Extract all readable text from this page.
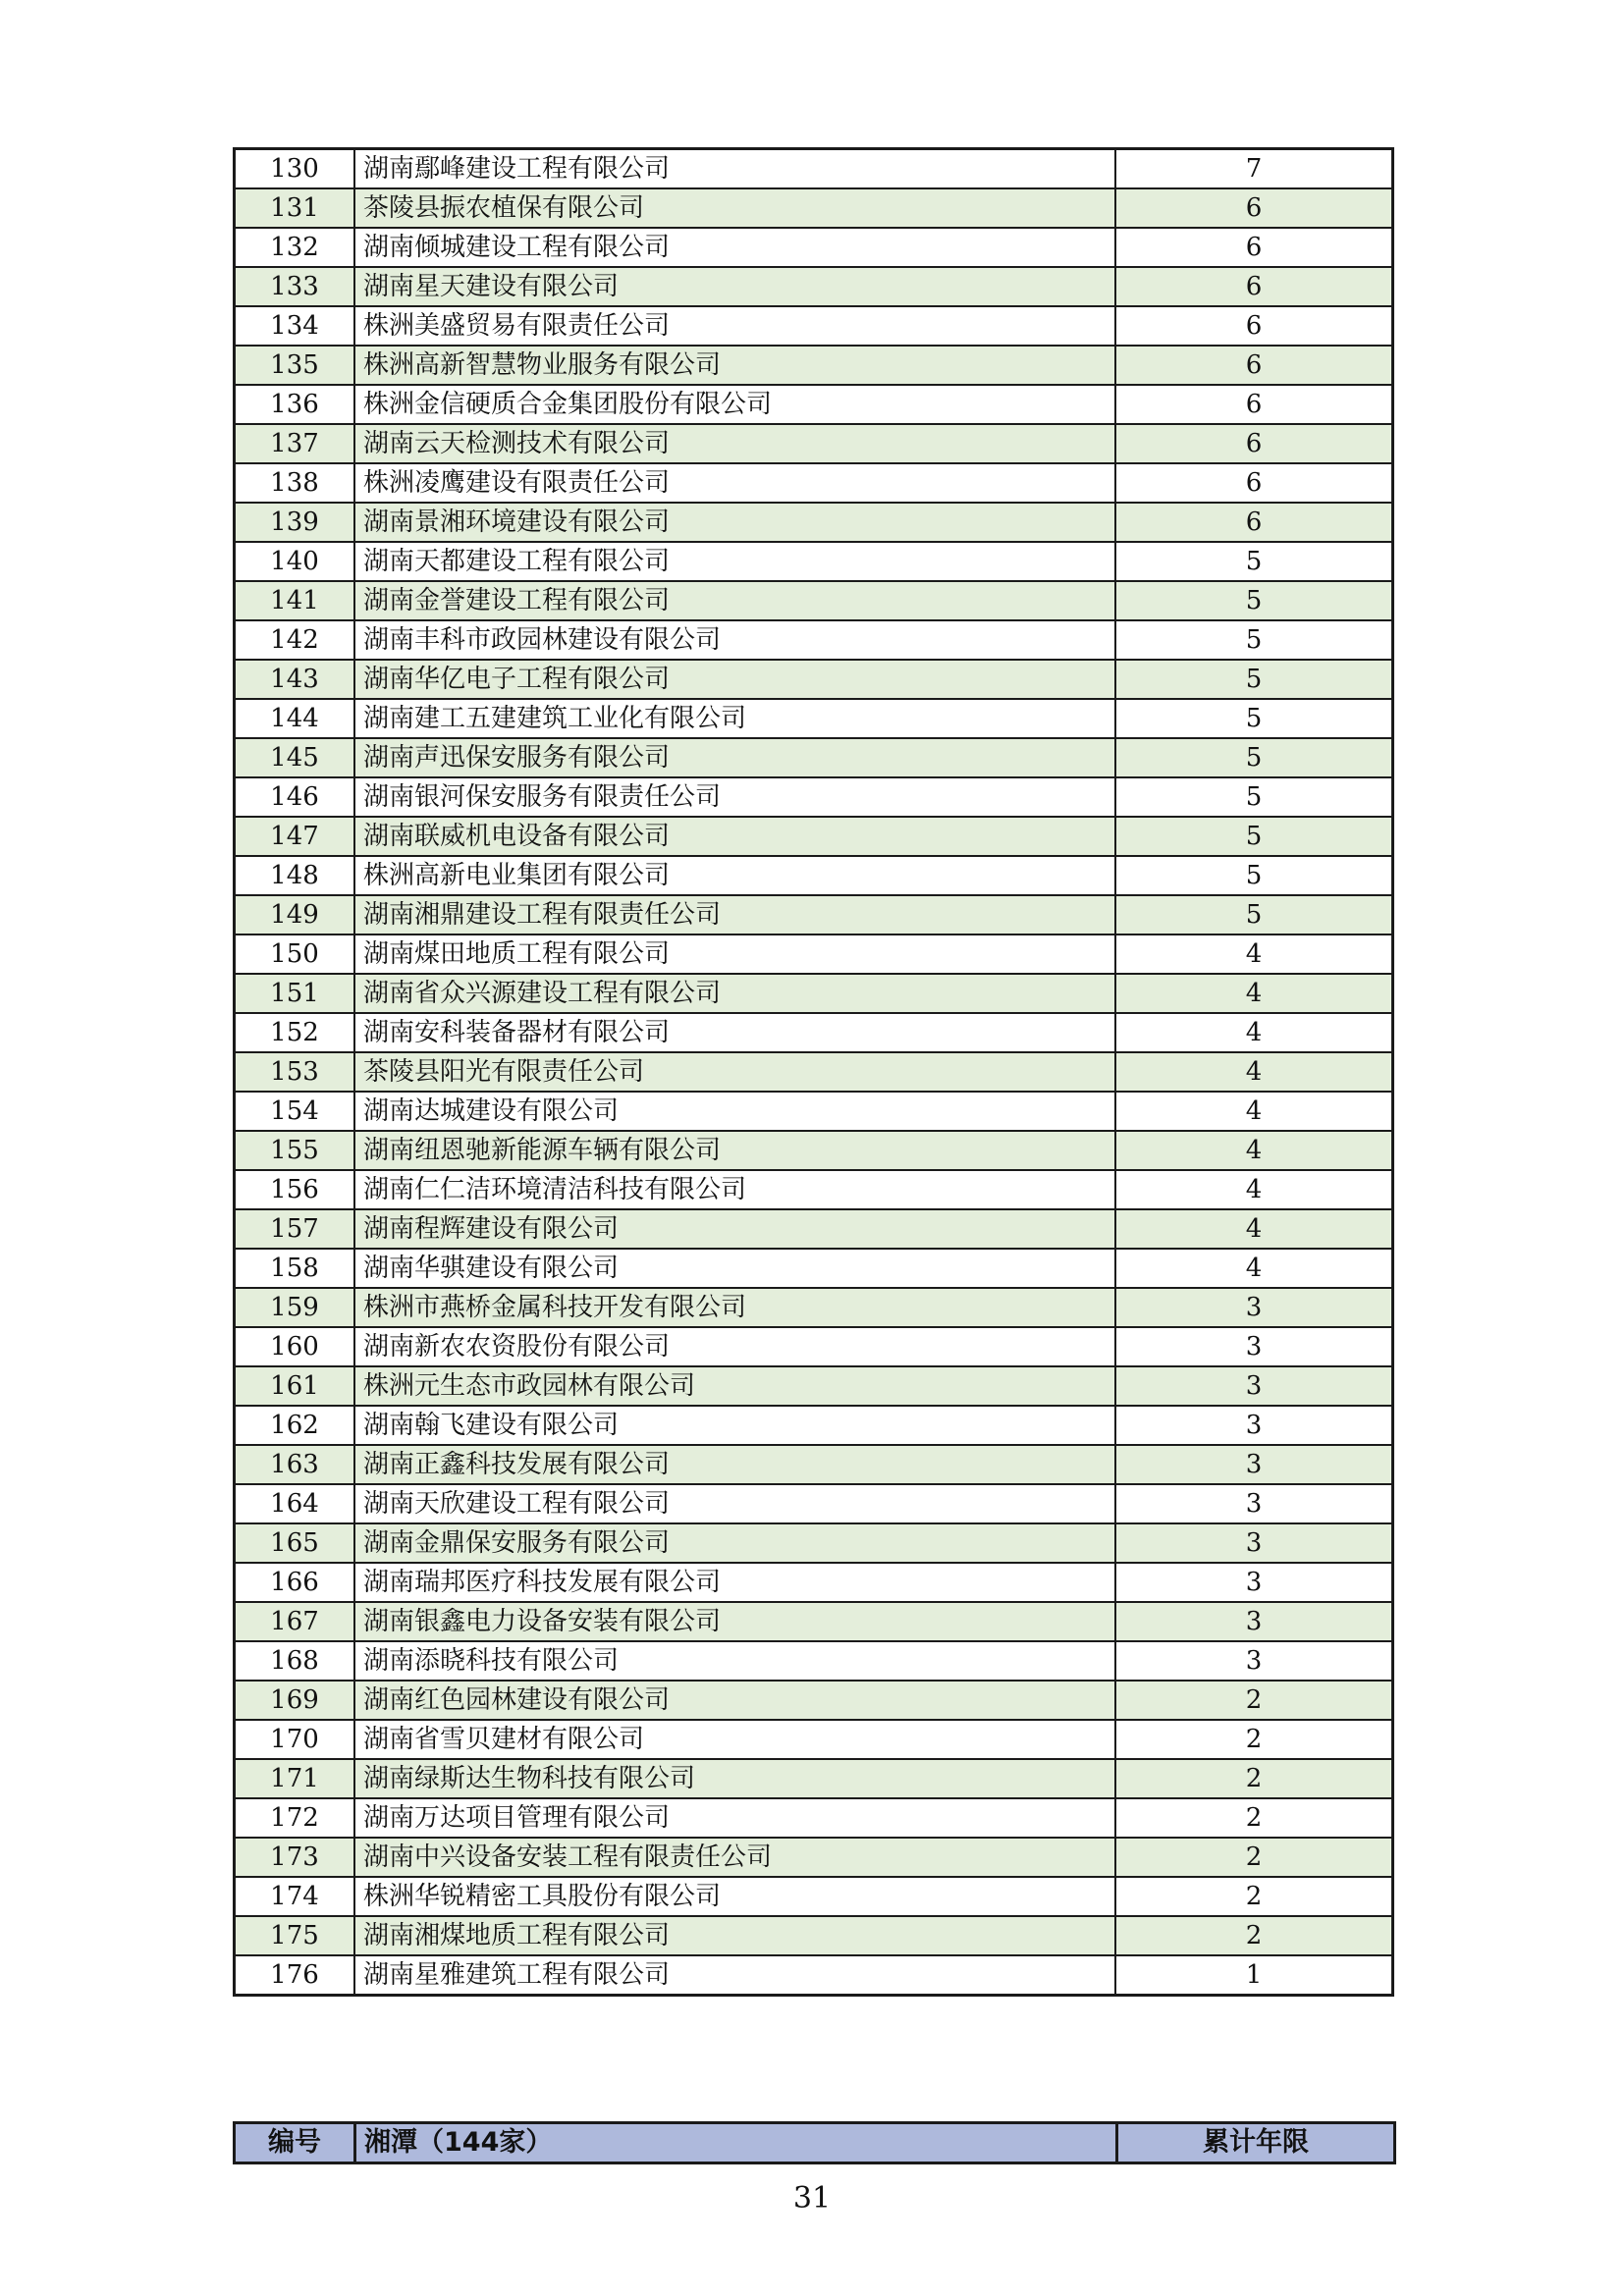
130	湖南鄢峰建设工程有限公司	7
131	茶陵县振农植保有限公司	6
132	湖南倾城建设工程有限公司	6
133	湖南星天建设有限公司	6
134	株洲美盛贸易有限责任公司	6
135	株洲高新智慧物业服务有限公司	6
136	株洲金信硬质合金集团股份有限公司	6
137	湖南云天检测技术有限公司	6
138	株洲凌鹰建设有限责任公司	6
139	湖南景湘环境建设有限公司	6
140	湖南天都建设工程有限公司	5
141	湖南金誉建设工程有限公司	5
142	湖南丰科市政园林建设有限公司	5
143	湖南华亿电子工程有限公司	5
144	湖南建工五建建筑工业化有限公司	5
145	湖南声迅保安服务有限公司	5
146	湖南银河保安服务有限责任公司	5
147	湖南联威机电设备有限公司	5
148	株洲高新电业集团有限公司	5
149	湖南湘鼎建设工程有限责任公司	5
150	湖南煤田地质工程有限公司	4
151	湖南省众兴源建设工程有限公司	4
152	湖南安科装备器材有限公司	4
153	茶陵县阳光有限责任公司	4
154	湖南达城建设有限公司	4
155	湖南纽恩驰新能源车辆有限公司	4
156	湖南仁仁洁环境清洁科技有限公司	4
157	湖南程辉建设有限公司	4
158	湖南华骐建设有限公司	4
159	株洲市燕桥金属科技开发有限公司	3
160	湖南新农农资股份有限公司	3
161	株洲元生态市政园林有限公司	3
162	湖南翰飞建设有限公司	3
163	湖南正鑫科技发展有限公司	3
164	湖南天欣建设工程有限公司	3
165	湖南金鼎保安服务有限公司	3
166	湖南瑞邦医疗科技发展有限公司	3
167	湖南银鑫电力设备安装有限公司	3
168	湖南添晓科技有限公司	3
169	湖南红色园林建设有限公司	2
170	湖南省雪贝建材有限公司	2
171	湖南绿斯达生物科技有限公司	2
172	湖南万达项目管理有限公司	2
173	湖南中兴设备安装工程有限责任公司	2
174	株洲华锐精密工具股份有限公司	2
175	湖南湘煤地质工程有限公司	2
176	湖南星雅建筑工程有限公司	1
编号	湘潭（144家）	累计年限
31
